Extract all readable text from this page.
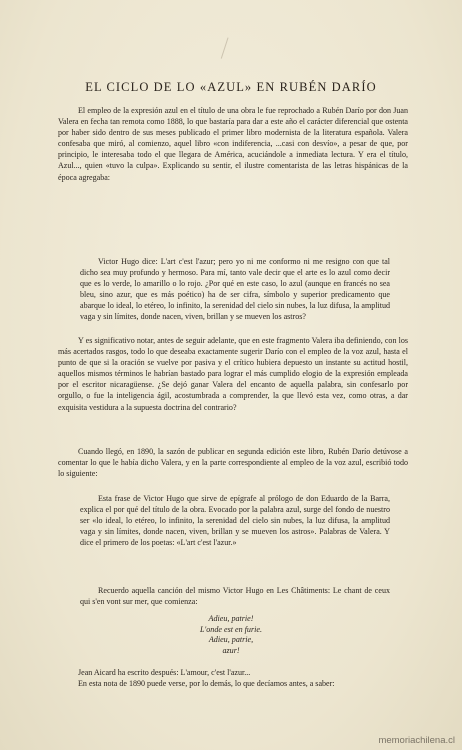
EL CICLO DE LO «AZUL» EN RUBÉN DARÍO

El empleo de la expresión azul en el título de una obra le fue reprochado a Rubén Darío por don Juan Valera en fecha tan remota como 1888, lo que bastaría para dar a este año el carácter diferencial que ostenta por haber sido dentro de sus meses publicado el primer libro modernista de la literatura española. Valera confesaba que miró, al comienzo, aquel libro «con indiferencia, ...casi con desvío», a pesar de que, por principio, le interesaba todo el que llegara de América, acuciándole a inmediata lectura. Y era el título, Azul..., quien «tuvo la culpa». Explicando su sentir, el ilustre comentarista de las letras hispánicas de la época agregaba:

Victor Hugo dice: L'art c'est l'azur; pero yo ni me conformo ni me resigno con que tal dicho sea muy profundo y hermoso. Para mí, tanto vale decir que el arte es lo azul como decir que es lo verde, lo amarillo o lo rojo. ¿Por qué en este caso, lo azul (aunque en francés no sea bleu, sino azur, que es más poético) ha de ser cifra, símbolo y superior predicamento que abarque lo ideal, lo etéreo, lo infinito, la serenidad del cielo sin nubes, la luz difusa, la amplitud vaga y sin límites, donde nacen, viven, brillan y se mueven los astros?

Y es significativo notar, antes de seguir adelante, que en este fragmento Valera iba definiendo, con los más acertados rasgos, todo lo que deseaba exactamente sugerir Darío con el empleo de la voz azul, hasta el punto de que si la oración se vuelve por pasiva y el crítico hubiera depuesto un instante su actitud hostil, aquellos mismos términos le habrían bastado para lograr el más cumplido elogio de la expresión empleada por el escritor nicaragüense. ¿Se dejó ganar Valera del encanto de aquella palabra, sin confesarlo por orgullo, o fue la inteligencia ágil, acostumbrada a comprender, la que llevó esta vez, como otras, a dar exquisita vestidura a la supuesta doctrina del contrario?

Cuando llegó, en 1890, la sazón de publicar en segunda edición este libro, Rubén Darío detúvose a comentar lo que le había dicho Valera, y en la parte correspondiente al empleo de la voz azul, escribió todo lo siguiente:

Esta frase de Victor Hugo que sirve de epígrafe al prólogo de don Eduardo de la Barra, explica el por qué del título de la obra. Evocado por la palabra azul, surge del fondo de nuestro ser «lo ideal, lo etéreo, lo infinito, la serenidad del cielo sin nubes, la luz difusa, la amplitud vaga y sin límites, donde nacen, viven, brillan y se mueven los astros». Palabras de Valera. Y dice el primero de los poetas: «L'art c'est l'azur.»

Recuerdo aquella canción del mismo Victor Hugo en Les Châtiments: Le chant de ceux qui s'en vont sur mer, que comienza:

Adieu, patrie!
L'onde est en furie.
Adieu, patrie,
azur!

Jean Aicard ha escrito después: L'amour, c'est l'azur...

En esta nota de 1890 puede verse, por lo demás, lo que decíamos antes, a saber:

memoriachilena.cl
